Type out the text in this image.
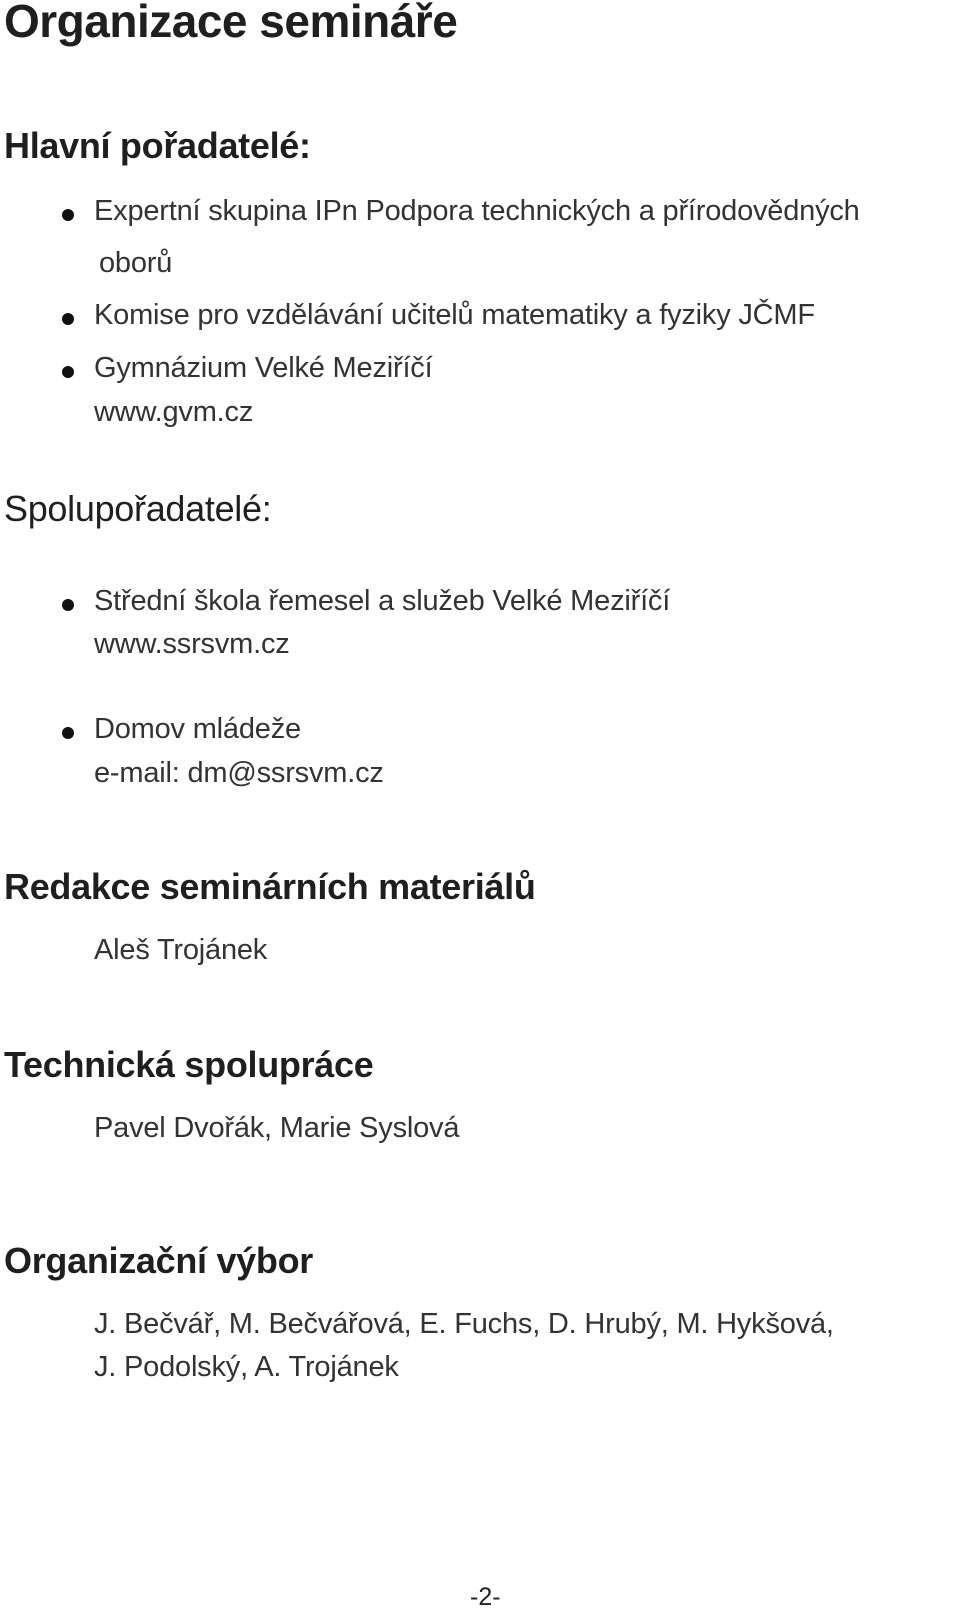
Organizace semináře
Hlavní pořadatelé:
Expertní skupina IPn Podpora technických a přírodovědných
oborů
Komise pro vzdělávání učitelů matematiky a fyziky JČMF
Gymnázium Velké Meziříčí
www.gvm.cz
Spolupořadatelé:
Střední škola řemesel a služeb Velké Meziříčí
www.ssrsvm.cz
Domov mládeže
e-mail: dm@ssrsvm.cz
Redakce seminárních materiálů
Aleš Trojánek
Technická spolupráce
Pavel Dvořák, Marie Syslová
Organizační výbor
J. Bečvář, M. Bečvářová, E. Fuchs, D. Hrubý, M. Hykšová,
J. Podolský, A. Trojánek
-2-
